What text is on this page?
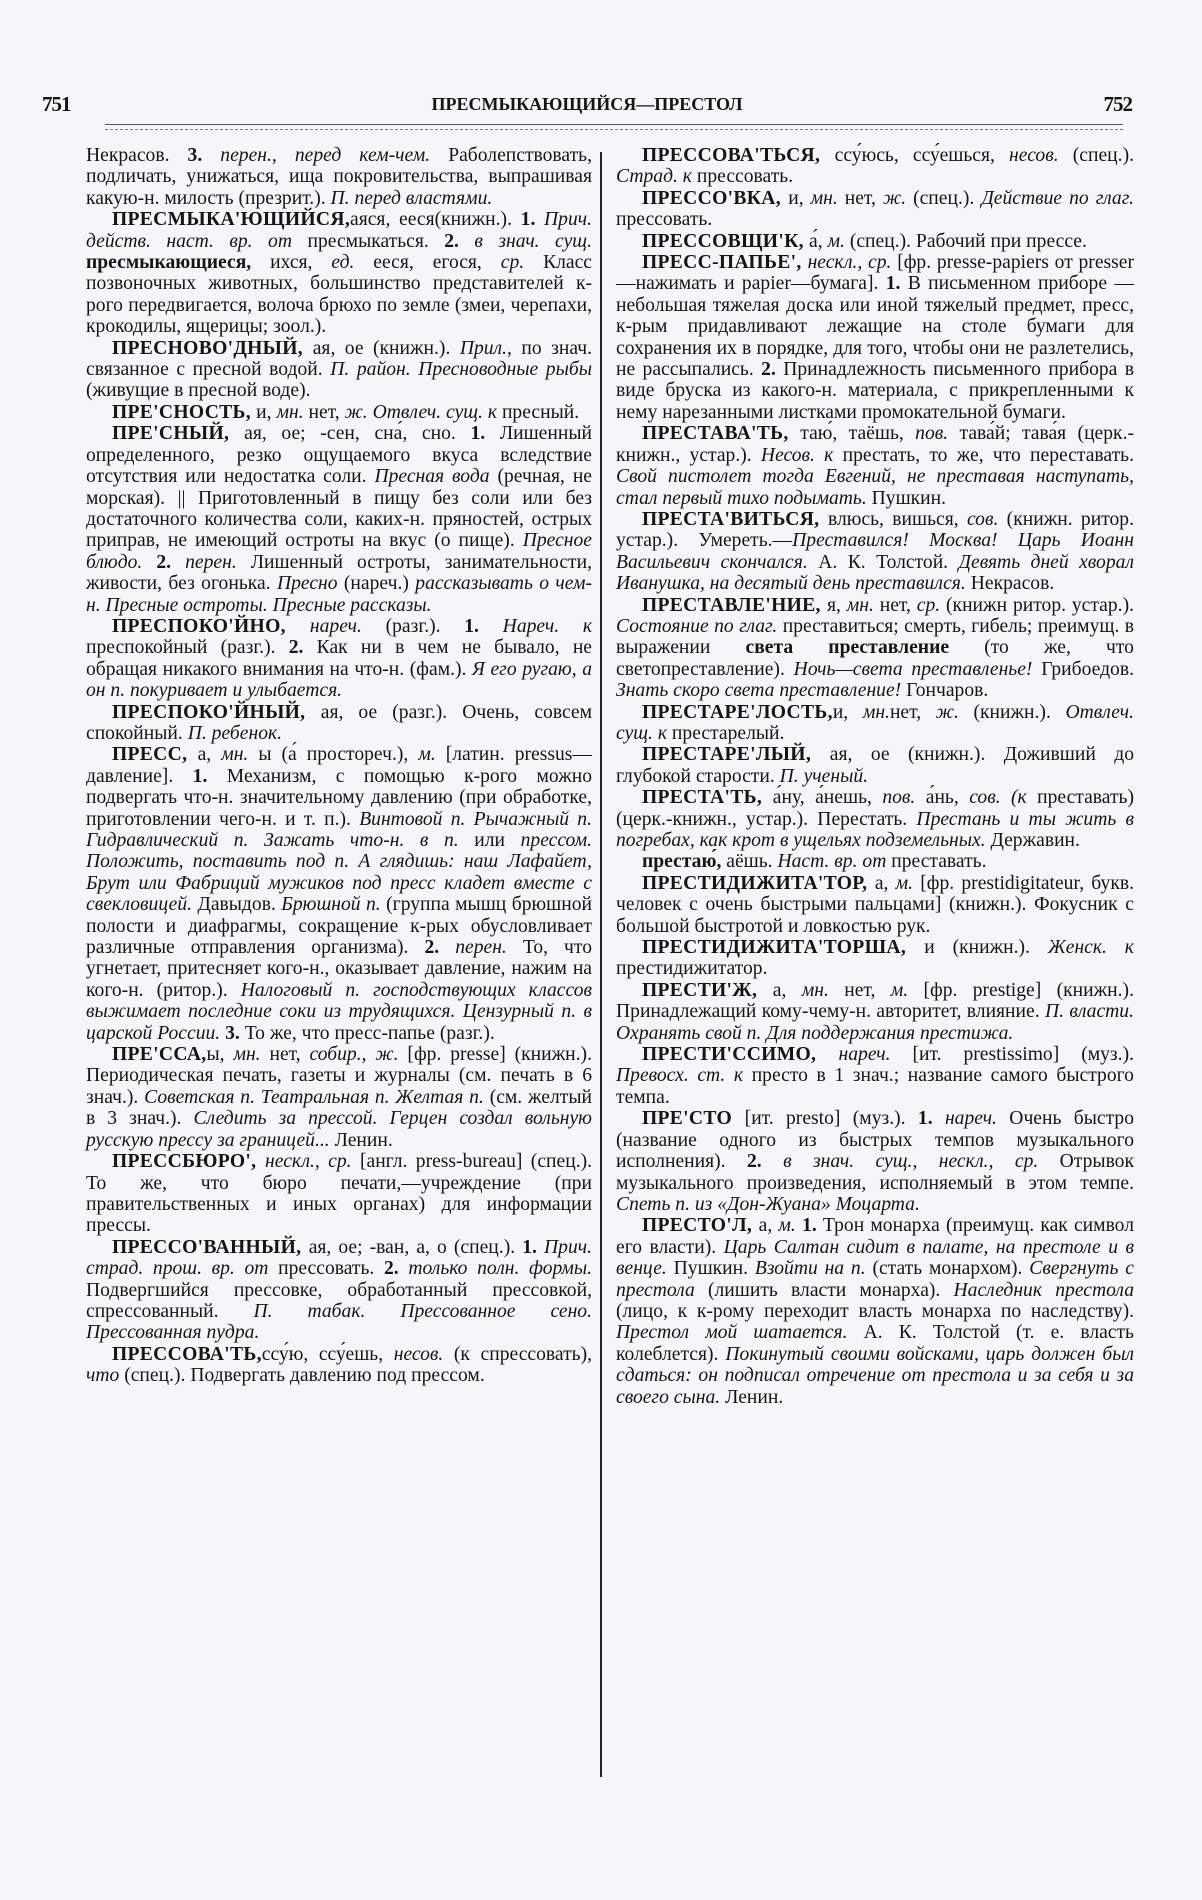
751	ПРЕСМЫКАЮЩИЙСЯ—ПРЕСТОЛ	752

Некрасов. 3. перен., перед кем-чем. Раболепствовать, подличать, унижаться, ища покровительства, выпрашивая какую-н. милость (презрит.). П. перед властями.

ПРЕСМЫКА'ЮЩИЙСЯ,аяся, ееся(книжн.). 1. Прич. действ. наст. вр. от пресмыкаться. 2. в знач. сущ. пресмыкающиеся, ихся, ед. ееся, егося, ср. Класс позвоночных животных, большинство представителей к-рого передвигается, волоча брюхо по земле (змеи, черепахи, крокодилы, ящерицы; зоол.).

ПРЕСНОВО'ДНЫЙ, ая, ое (книжн.). Прил., по знач. связанное с пресной водой. П. район. Пресноводные рыбы (живущие в пресной воде).

ПРЕ'СНОСТЬ, и, мн. нет, ж. Отвлеч. сущ. к пресный.

ПРЕ'СНЫЙ, ая, ое; -сен, сна́, сно. 1. Лишенный определенного, резко ощущаемого вкуса вследствие отсутствия или недостатка соли. Пресная вода (речная, не морская). || Приготовленный в пищу без соли или без достаточного количества соли, каких-н. пряностей, острых приправ, не имеющий остроты на вкус (о пище). Пресное блюдо. 2. перен. Лишенный остроты, занимательности, живости, без огонька. Пресно (нареч.) рассказывать о чем-н. Пресные остроты. Пресные рассказы.

ПРЕСПОКО'ЙНО, нареч. (разг.). 1. Нареч. к преспокойный (разг.). 2. Как ни в чем не бывало, не обращая никакого внимания на что-н. (фам.). Я его ругаю, а он п. покуривает и улыбается.

ПРЕСПОКО'ЙНЫЙ, ая, ое (разг.). Очень, совсем спокойный. П. ребенок.

ПРЕСС, а, мн. ы (а́ простореч.), м. [латин. pressus—давление]. 1. Механизм, с помощью к-рого можно подвергать что-н. значительному давлению (при обработке, приготовлении чего-н. и т. п.). Винтовой п. Рычажный п. Гидравлический п. Зажать что-н. в п. или прессом. Положить, поставить под п. А глядишь: наш Лафайет, Брут или Фабриций мужиков под пресс кладет вместе с свекловицей. Давыдов. Брюшной п. (группа мышц брюшной полости и диафрагмы, сокращение к-рых обусловливает различные отправления организма). 2. перен. То, что угнетает, притесняет кого-н., оказывает давление, нажим на кого-н. (ритор.). Налоговый п. господствующих классов выжимает последние соки из трудящихся. Цензурный п. в царской России. 3. То же, что пресс-папье (разг.).

ПРЕ'ССА,ы, мн. нет, собир., ж. [фр. presse] (книжн.). Периодическая печать, газеты и журналы (см. печать в 6 знач.). Советская п. Театральная п. Желтая п. (см. желтый в 3 знач.). Следить за прессой. Герцен создал вольную русскую прессу за границей... Ленин.

ПРЕССБЮРО', нескл., ср. [англ. press-bureau] (спец.). То же, что бюро печати,—учреждение (при правительственных и иных органах) для информации прессы.

ПРЕССО'ВАННЫЙ, ая, ое; -ван, а, о (спец.). 1. Прич. страд. прош. вр. от прессовать. 2. только полн. формы. Подвергшийся прессовке, обработанный прессовкой, спрессованный. П. табак. Прессованное сено. Прессованная пудра.

ПРЕССОВА'ТЬ,ссу́ю, ссу́ешь, несов. (к спрессовать), что (спец.). Подвергать давлению под прессом.

ПРЕССОВА'ТЬСЯ, ссу́юсь, ссу́ешься, несов. (спец.). Страд. к прессовать.

ПРЕССО'ВКА, и, мн. нет, ж. (спец.). Действие по глаг. прессовать.

ПРЕССОВЩИ'К, а́, м. (спец.). Рабочий при прессе.

ПРЕСС-ПАПЬЕ', нескл., ср. [фр. presse-papiers от presser—нажимать и papier—бумага]. 1. В письменном приборе — небольшая тяжелая доска или иной тяжелый предмет, пресс, к-рым придавливают лежащие на столе бумаги для сохранения их в порядке, для того, чтобы они не разлетелись, не рассыпались. 2. Принадлежность письменного прибора в виде бруска из какого-н. материала, с прикрепленными к нему нарезанными листками промокательной бумаги.

ПРЕСТАВА'ТЬ, таю́, таёшь, пов. тава́й; тава́я (церк.-книжн., устар.). Несов. к престать, то же, что переставать. Свой пистолет тогда Евгений, не преставая наступать, стал первый тихо подымать. Пушкин.

ПРЕСТА'ВИТЬСЯ, влюсь, вишься, сов. (книжн. ритор. устар.). Умереть.—Преставился! Москва! Царь Иоанн Васильевич скончался. А. К. Толстой. Девять дней хворал Иванушка, на десятый день преставился. Некрасов.

ПРЕСТАВЛЕ'НИЕ, я, мн. нет, ср. (книжн ритор. устар.). Состояние по глаг. преставиться; смерть, гибель; преимущ. в выражении света преставление (то же, что светопреставление). Ночь—света преставленье! Грибоедов. Знать скоро света преставление! Гончаров.

ПРЕСТАРЕ'ЛОСТЬ,и, мн.нет, ж. (книжн.). Отвлеч. сущ. к престарелый.

ПРЕСТАРЕ'ЛЫЙ, ая, ое (книжн.). Доживший до глубокой старости. П. ученый.

ПРЕСТА'ТЬ, а́ну, а́нешь, пов. а́нь, сов. (к преставать) (церк.-книжн., устар.). Перестать. Престань и ты жить в погребах, как крот в ущельях подземельных. Державин.

престаю́, аёшь. Наст. вр. от преставать.

ПРЕСТИДИЖИТА'ТОР, а, м. [фр. prestidigitateur, букв. человек с очень быстрыми пальцами] (книжн.). Фокусник с большой быстротой и ловкостью рук.

ПРЕСТИДИЖИТА'ТОРША, и (книжн.). Женск. к престидижитатор.

ПРЕСТИ'Ж, а, мн. нет, м. [фр. prestige] (книжн.). Принадлежащий кому-чему-н. авторитет, влияние. П. власти. Охранять свой п. Для поддержания престижа.

ПРЕСТИ'ССИМО, нареч. [ит. prestissimo] (муз.). Превосх. ст. к престо в 1 знач.; название самого быстрого темпа.

ПРЕ'СТО [ит. presto] (муз.). 1. нареч. Очень быстро (название одного из быстрых темпов музыкального исполнения). 2. в знач. сущ., нескл., ср. Отрывок музыкального произведения, исполняемый в этом темпе. Спеть п. из «Дон-Жуана» Моцарта.

ПРЕСТО'Л, а, м. 1. Трон монарха (преимущ. как символ его власти). Царь Салтан сидит в палате, на престоле и в венце. Пушкин. Взойти на п. (стать монархом). Свергнуть с престола (лишить власти монарха). Наследник престола (лицо, к к-рому переходит власть монарха по наследству). Престол мой шатается. А. К. Толстой (т. е. власть колеблется). Покинутый своими войсками, царь должен был сдаться: он подписал отречение от престола и за себя и за своего сына. Ленин.
